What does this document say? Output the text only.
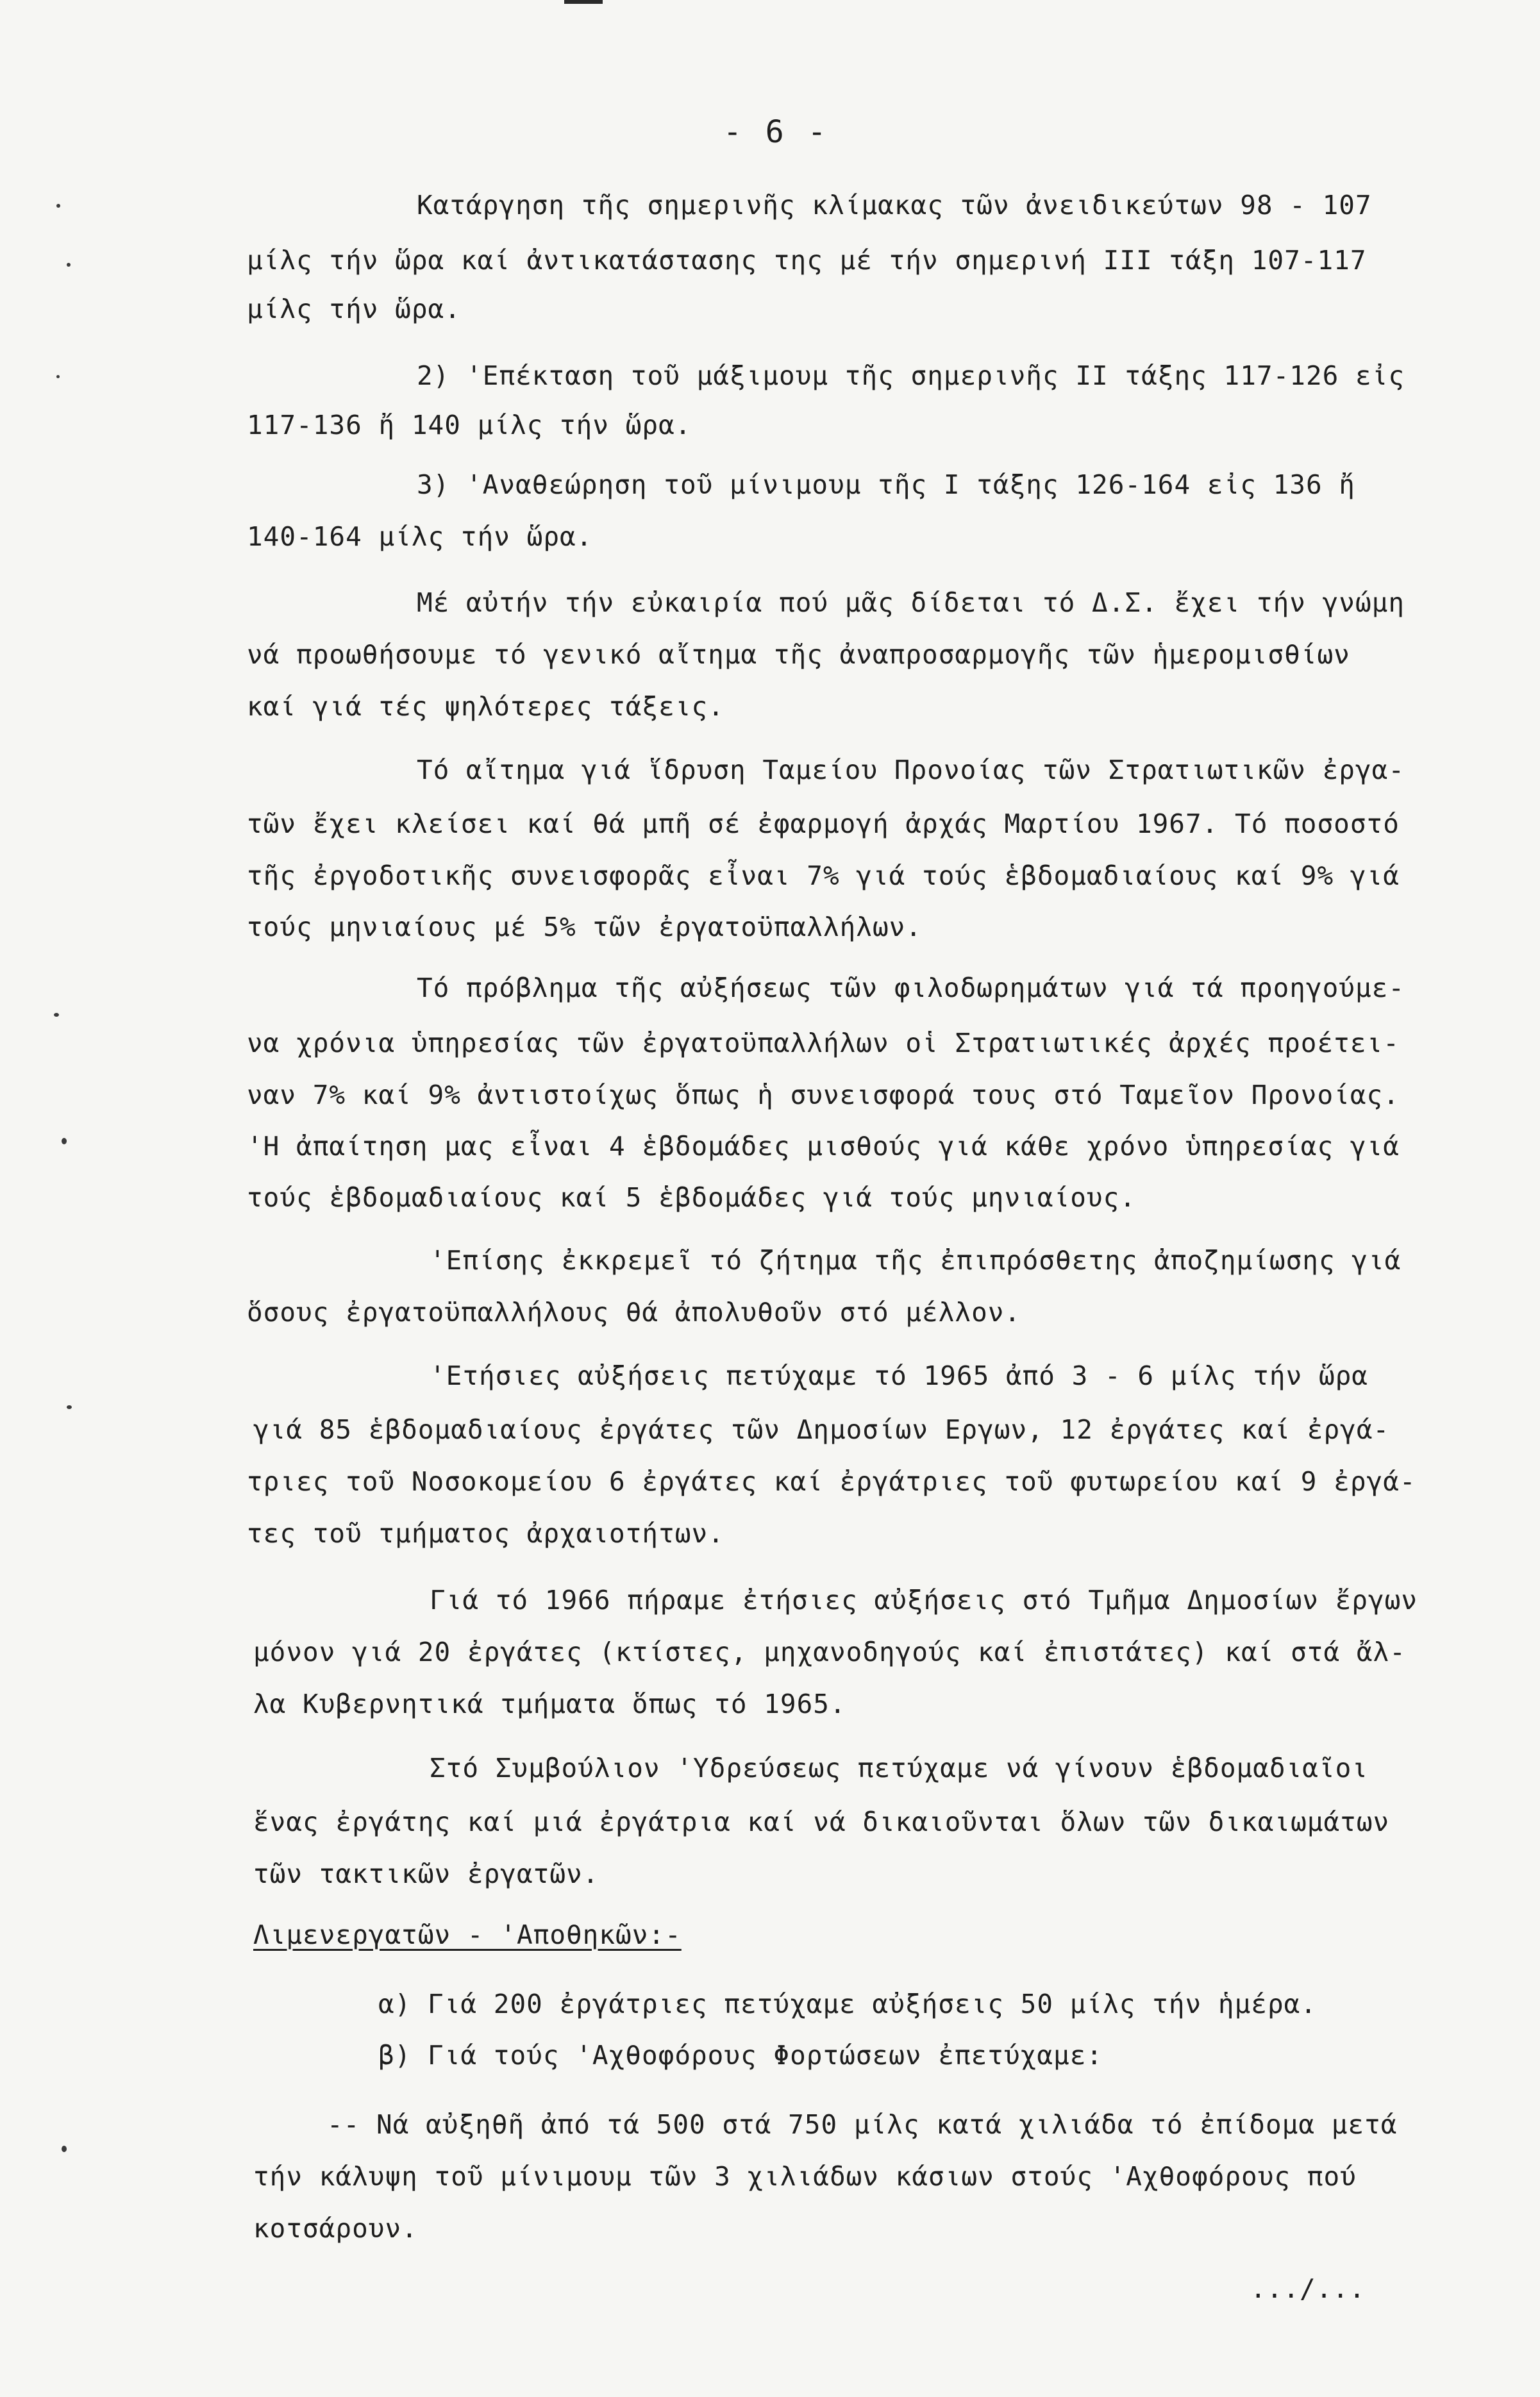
- 6 -
Κατάργηση τῆς σημερινῆς κλίμακας τῶν ἀνειδικεύτων 98 - 107
μίλς τήν ὥρα καί ἀντικατάστασης της μέ τήν σημερινή ΙΙΙ τάξη 107-117
μίλς τήν ὥρα.
2) 'Επέκταση τοῦ μάξιμουμ τῆς σημερινῆς ΙΙ τάξης 117-126 εἰς
117-136 ἤ 140 μίλς τήν ὥρα.
3) 'Αναθεώρηση τοῦ μίνιμουμ τῆς Ι τάξης 126-164 εἰς 136 ἤ
140-164 μίλς τήν ὥρα.
Μέ αὐτήν τήν εὐκαιρία πού μᾶς δίδεται τό Δ.Σ. ἔχει τήν γνώμη
νά προωθήσουμε τό γενικό αἴτημα τῆς ἀναπροσαρμογῆς τῶν ἡμερομισθίων
καί γιά τές ψηλότερες τάξεις.
Τό αἴτημα γιά ἵδρυση Ταμείου Προνοίας τῶν Στρατιωτικῶν ἐργα-
τῶν ἔχει κλείσει καί θά μπῆ σέ ἐφαρμογή ἀρχάς Μαρτίου 1967. Τό ποσοστό
τῆς ἐργοδοτικῆς συνεισφορᾶς εἶναι 7% γιά τούς ἑβδομαδιαίους καί 9% γιά
τούς μηνιαίους μέ 5% τῶν ἐργατοϋπαλλήλων.
Τό πρόβλημα τῆς αὐξήσεως τῶν φιλοδωρημάτων γιά τά προηγούμε-
να χρόνια ὑπηρεσίας τῶν ἐργατοϋπαλλήλων οἱ Στρατιωτικές ἀρχές προέτει-
ναν 7% καί 9% ἀντιστοίχως ὅπως ἡ συνεισφορά τους στό Ταμεῖον Προνοίας.
'Η ἀπαίτηση μας εἶναι 4 ἑβδομάδες μισθούς γιά κάθε χρόνο ὑπηρεσίας γιά
τούς ἑβδομαδιαίους καί 5 ἑβδομάδες γιά τούς μηνιαίους.
'Επίσης ἐκκρεμεῖ τό ζήτημα τῆς ἐπιπρόσθετης ἀποζημίωσης γιά
ὅσους ἐργατοϋπαλλήλους θά ἀπολυθοῦν στό μέλλον.
'Ετήσιες αὐξήσεις πετύχαμε τό 1965 ἀπό 3 - 6 μίλς τήν ὥρα
γιά 85 ἑβδομαδιαίους ἐργάτες τῶν Δημοσίων Εργων, 12 ἐργάτες καί ἐργά-
τριες τοῦ Νοσοκομείου 6 ἐργάτες καί ἐργάτριες τοῦ φυτωρείου καί 9 ἐργά-
τες τοῦ τμήματος ἀρχαιοτήτων.
Γιά τό 1966 πήραμε ἐτήσιες αὐξήσεις στό Τμῆμα Δημοσίων ἔργων
μόνον γιά 20 ἐργάτες (κτίστες, μηχανοδηγούς καί ἐπιστάτες) καί στά ἄλ-
λα Κυβερνητικά τμήματα ὅπως τό 1965.
Στό Συμβούλιον 'Υδρεύσεως πετύχαμε νά γίνουν ἑβδομαδιαῖοι
ἕνας ἐργάτης καί μιά ἐργάτρια καί νά δικαιοῦνται ὅλων τῶν δικαιωμάτων
τῶν τακτικῶν ἐργατῶν.
Λιμενεργατῶν - 'Αποθηκῶν:-
α) Γιά 200 ἐργάτριες πετύχαμε αὐξήσεις 50 μίλς τήν ἡμέρα.
β) Γιά τούς 'Αχθοφόρους Φορτώσεων ἐπετύχαμε:
-- Νά αὐξηθῆ ἀπό τά 500 στά 750 μίλς κατά χιλιάδα τό ἐπίδομα μετά
τήν κάλυψη τοῦ μίνιμουμ τῶν 3 χιλιάδων κάσιων στούς 'Αχθοφόρους πού
κοτσάρουν.
.../...
